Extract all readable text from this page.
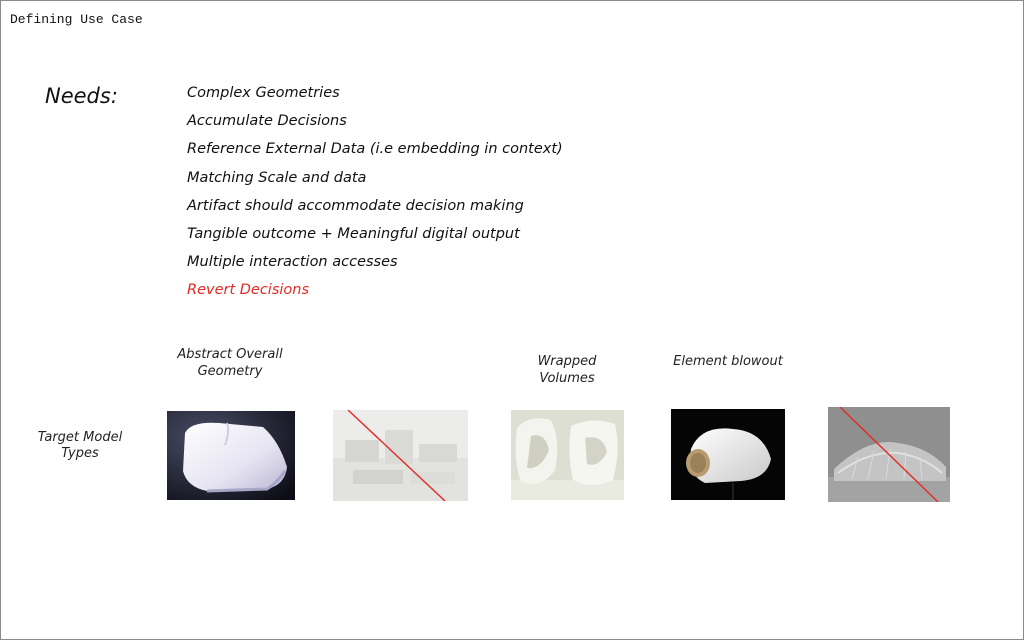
Defining Use Case
Needs:	Complex Geometries
Accumulate Decisions
Reference External Data (i.e embedding in context)
Matching Scale and data
Artifact should accommodate decision making
Tangible outcome + Meaningful digital output
Multiple interaction accesses
Revert Decisions
Abstract Overall Geometry
Wrapped Volumes
Element blowout
Target Model Types
